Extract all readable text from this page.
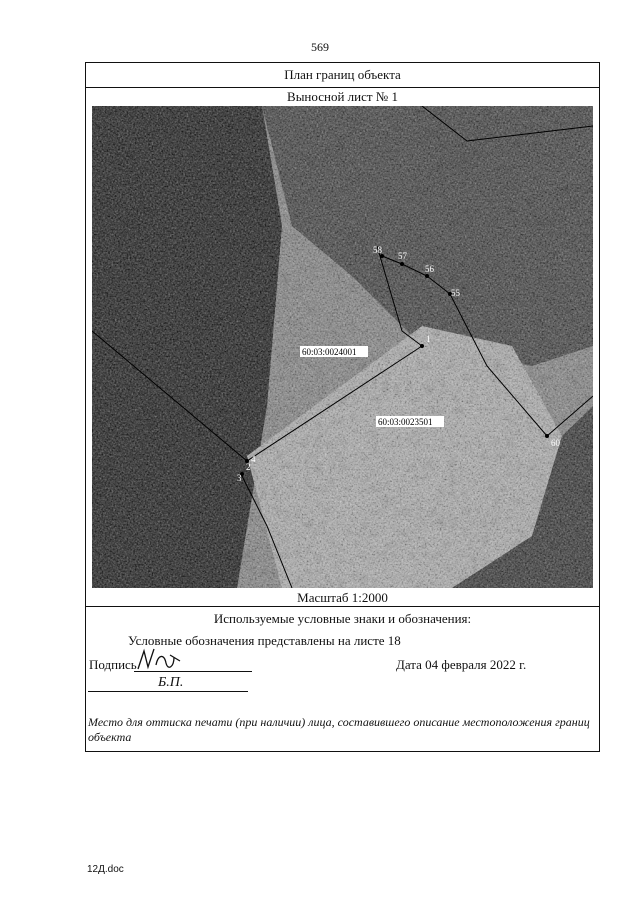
569
План границ объекта
Выносной лист № 1
60:03:0024001
60:03:0023501
58
57
56
55
1
60
4
2
3
Масштаб 1:2000
Используемые условные знаки и обозначения:
Условные обозначения представлены на листе 18
Подпись	Дата 04 февраля 2022 г.
Б.П.
Место для оттиска печати (при наличии) лица, составившего описание местоположения границ объекта
12Д.doc
